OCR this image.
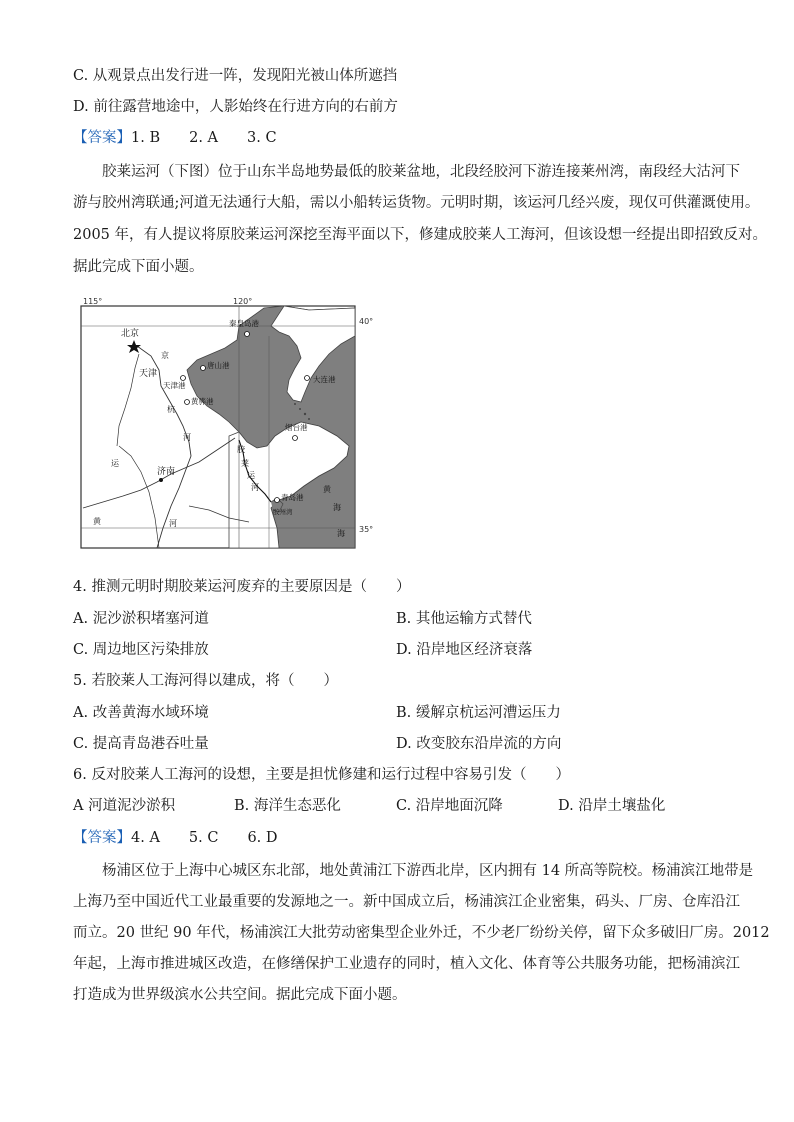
C. 从观景点出发行进一阵，发现阳光被山体所遮挡
D. 前往露营地途中，人影始终在行进方向的右前方
【答案】1. B　　2. A　　3. C
胶莱运河（下图）位于山东半岛地势最低的胶莱盆地，北段经胶河下游连接莱州湾，南段经大沽河下
游与胶州湾联通;河道无法通行大船，需以小船转运货物。元明时期，该运河几经兴废，现仅可供灌溉使用。
2005 年，有人提议将原胶莱运河深挖至海平面以下，修建成胶莱人工海河，但该设想一经提出即招致反对。
据此完成下面小题。
115°	120°
40°
35°
北京
秦皇岛港
唐山港
天津港
黄骅港
大连港
烟台港
青岛港
胶州湾
天津
济南
京
杭
运
河
胶
莱
运
河
黄	河
海
黄
海
4. 推测元明时期胶莱运河废弃的主要原因是（　　）
A. 泥沙淤积堵塞河道	B. 其他运输方式替代
C. 周边地区污染排放	D. 沿岸地区经济衰落
5. 若胶莱人工海河得以建成，将（　　）
A. 改善黄海水域环境	B. 缓解京杭运河漕运压力
C. 提高青岛港吞吐量	D. 改变胶东沿岸流的方向
6. 反对胶莱人工海河的设想，主要是担忧修建和运行过程中容易引发（　　）
A 河道泥沙淤积	B. 海洋生态恶化	C. 沿岸地面沉降	D. 沿岸土壤盐化
【答案】4. A　　5. C　　6. D
杨浦区位于上海中心城区东北部，地处黄浦江下游西北岸，区内拥有 14 所高等院校。杨浦滨江地带是
上海乃至中国近代工业最重要的发源地之一。新中国成立后，杨浦滨江企业密集，码头、厂房、仓库沿江
而立。20 世纪 90 年代，杨浦滨江大批劳动密集型企业外迁，不少老厂纷纷关停，留下众多破旧厂房。2012
年起，上海市推进城区改造，在修缮保护工业遗存的同时，植入文化、体育等公共服务功能，把杨浦滨江
打造成为世界级滨水公共空间。据此完成下面小题。
